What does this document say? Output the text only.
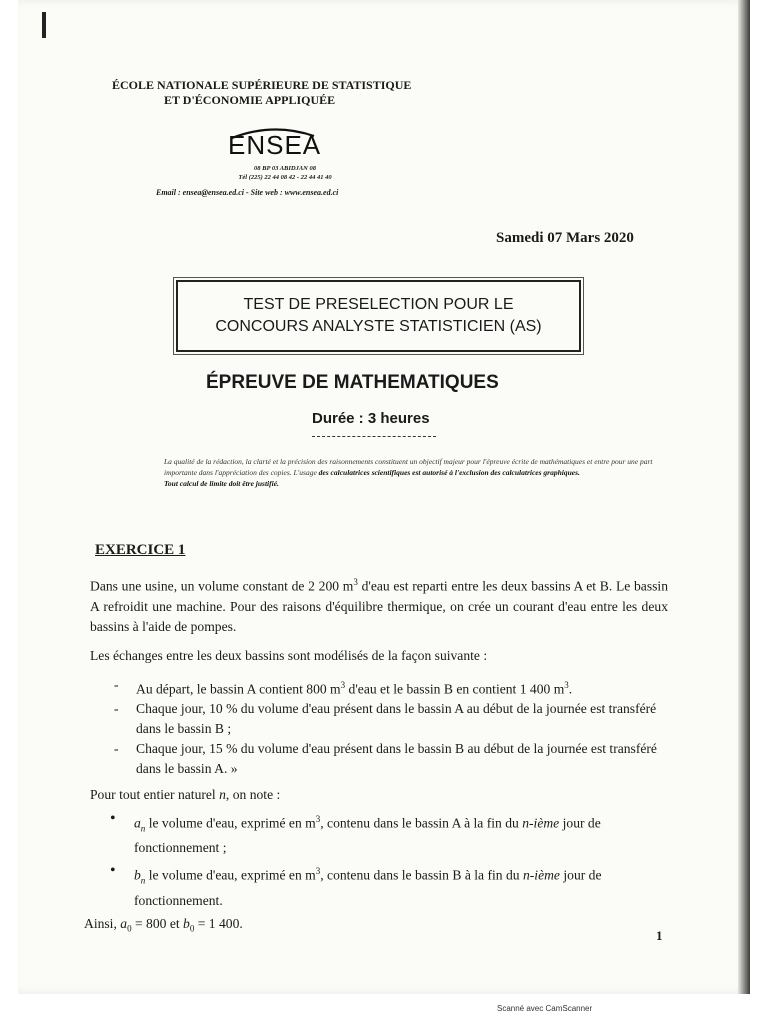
ÉCOLE NATIONALE SUPÉRIEURE DE STATISTIQUE
ET D'ÉCONOMIE APPLIQUÉE
ENSEA
08 BP 03 ABIDJAN 08
Tél (225) 22 44 08 42 - 22 44 41 40
Email : ensea@ensea.ed.ci - Site web : www.ensea.ed.ci
Samedi 07 Mars 2020
TEST DE PRESELECTION POUR LE
CONCOURS ANALYSTE STATISTICIEN (AS)
ÉPREUVE DE MATHEMATIQUES
Durée : 3 heures
La qualité de la rédaction, la clarté et la précision des raisonnements constituent un objectif majeur pour l'épreuve écrite de mathématiques et entre pour une part importante dans l'appréciation des copies. L'usage des calculatrices scientifiques est autorisé à l'exclusion des calculatrices graphiques.
Tout calcul de limite doit être justifié.
EXERCICE 1

Dans une usine, un volume constant de 2 200 $m^3$ d'eau est reparti entre les deux bassins A et B. Le bassin A refroidit une machine. Pour des raisons d'équilibre thermique, on crée un courant d'eau entre les deux bassins à l'aide de pompes.

Les échanges entre les deux bassins sont modélisés de la façon suivante :

- Au départ, le bassin A contient 800 $m^3$ d'eau et le bassin B en contient 1 400 $m^3$.
- Chaque jour, 10 % du volume d'eau présent dans le bassin A au début de la journée est transféré dans le bassin B ;
- Chaque jour, 15 % du volume d'eau présent dans le bassin B au début de la journée est transféré dans le bassin A. »

Pour tout entier naturel n, on note :

• $a_n$ le volume d'eau, exprimé en $m^3$, contenu dans le bassin A à la fin du n-ième jour de fonctionnement ;
• $b_n$ le volume d'eau, exprimé en $m^3$, contenu dans le bassin B à la fin du n-ième jour de fonctionnement.

Ainsi, $a_0 = 800$ et $b_0 = 1$ 400.

1
Scanné avec CamScanner
